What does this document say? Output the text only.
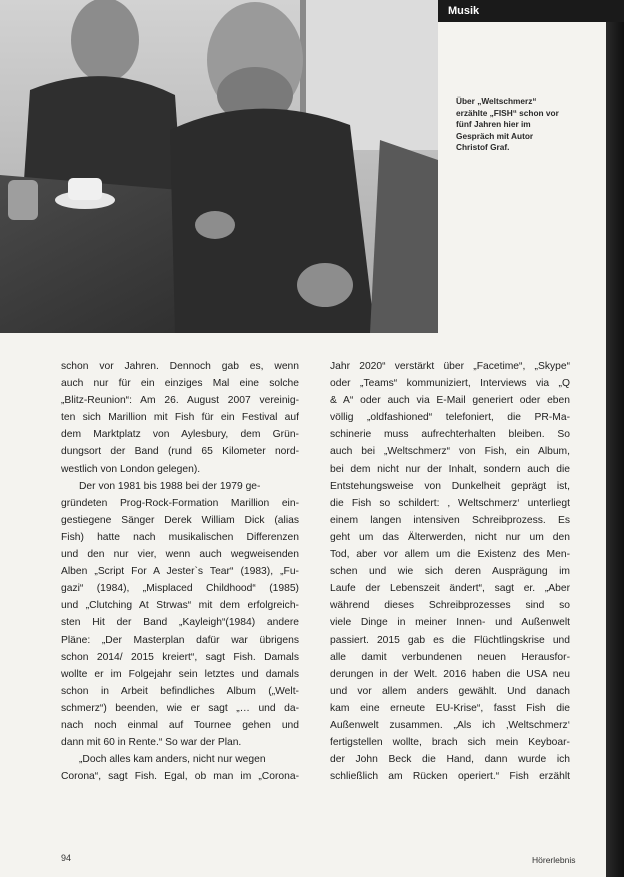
Musik
Über „Weltschmerz“
erzählte „FISH“ schon vor
fünf Jahren hier im
Gespräch mit Autor
Christof Graf.
schon vor Jahren. Dennoch gab es, wenn
auch nur für ein einziges Mal eine solche
„Blitz-Reunion“: Am 26. August 2007 vereinig-
ten sich Marillion mit Fish für ein Festival auf
dem Marktplatz von Aylesbury, dem Grün-
dungsort der Band (rund 65 Kilometer nord-
westlich von London gelegen).
Der von 1981 bis 1988 bei der 1979 ge-
gründeten Prog-Rock-Formation Marillion ein-
gestiegene Sänger Derek William Dick (alias
Fish) hatte nach musikalischen Differenzen
und den nur vier, wenn auch wegweisenden
Alben „Script For A Jester`s Tear“ (1983), „Fu-
gazi“ (1984), „Misplaced Childhood“ (1985)
und „Clutching At Strwas“ mit dem erfolgreich-
sten Hit der Band „Kayleigh“(1984) andere
Pläne: „Der Masterplan dafür war übrigens
schon 2014/ 2015 kreiert“, sagt Fish. Damals
wollte er im Folgejahr sein letztes und damals
schon in Arbeit befindliches Album („Welt-
schmerz“) beenden, wie er sagt „… und da-
nach noch einmal auf Tournee gehen und
dann mit 60 in Rente.“ So war der Plan.
„Doch alles kam anders, nicht nur wegen
Corona“, sagt Fish. Egal, ob man im „Corona-
Jahr 2020“ verstärkt über „Facetime“, „Skype“
oder „Teams“ kommuniziert, Interviews via „Q
& A“ oder auch via E-Mail generiert oder eben
völlig „oldfashioned“ telefoniert, die PR-Ma-
schinerie muss aufrechterhalten bleiben. So
auch bei „Weltschmerz“ von Fish, ein Album,
bei dem nicht nur der Inhalt, sondern auch die
Entstehungsweise von Dunkelheit geprägt ist,
die Fish so schildert: ‚ Weltschmerz‘ unterliegt
einem langen intensiven Schreibprozess. Es
geht um das Älterwerden, nicht nur um den
Tod, aber vor allem um die Existenz des Men-
schen und wie sich deren Ausprägung im
Laufe der Lebenszeit ändert“, sagt er. „Aber
während dieses Schreibprozesses sind so
viele Dinge in meiner Innen- und Außenwelt
passiert. 2015 gab es die Flüchtlingskrise und
alle damit verbundenen neuen Herausfor-
derungen in der Welt. 2016 haben die USA neu
und vor allem anders gewählt. Und danach
kam eine erneute EU-Krise“, fasst Fish die
Außenwelt zusammen. „Als ich ‚Weltschmerz‘
fertigstellen wollte, brach sich mein Keyboar-
der John Beck die Hand, dann wurde ich
schließlich am Rücken operiert.“ Fish erzählt
94	Hörerlebnis
